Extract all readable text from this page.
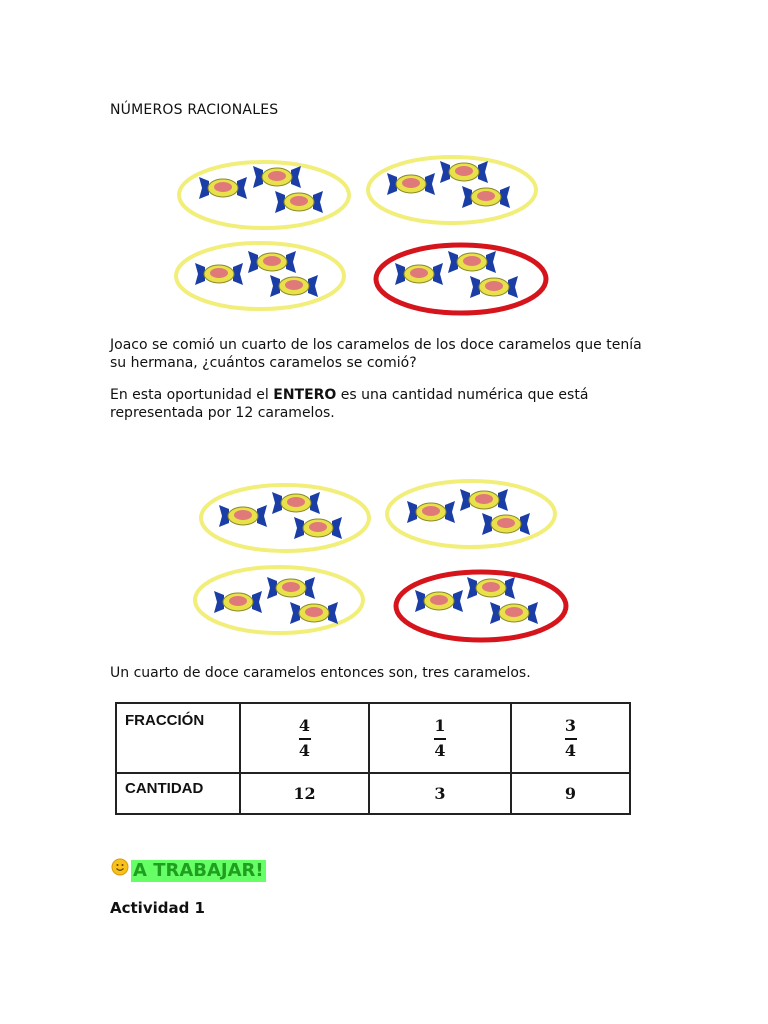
NÚMEROS RACIONALES
Joaco se comió un cuarto de los caramelos de los doce caramelos que tenía su hermana, ¿cuántos caramelos se comió?
En esta oportunidad el ENTERO es una cantidad numérica que está representada por 12 caramelos.
Un cuarto de doce caramelos entonces son, tres caramelos.
FRACCIÓN	$\frac{4}{4}$	$\frac{1}{4}$	$\frac{3}{4}$

CANTIDAD	12	3	9
A TRABAJAR!
Actividad 1
